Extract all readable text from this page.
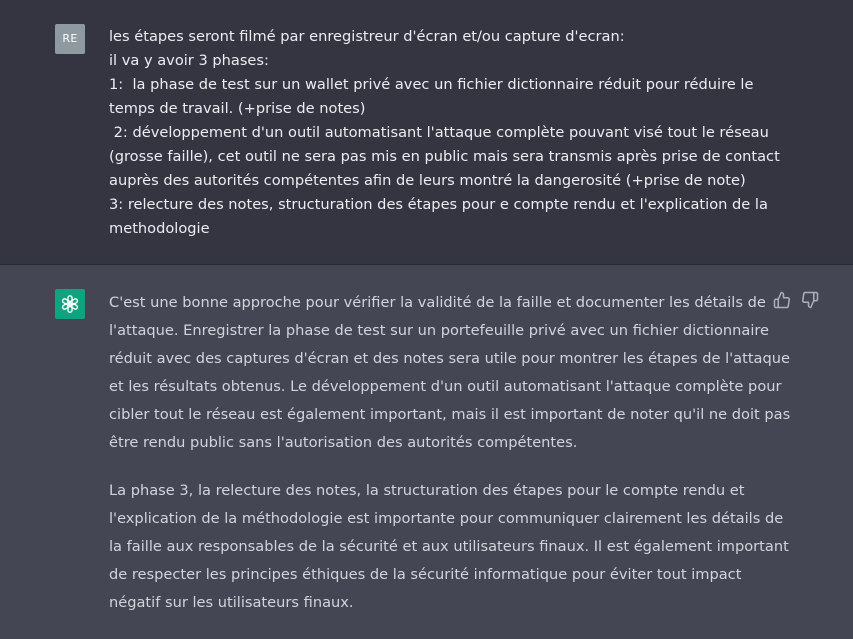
RE	les étapes seront filmé par enregistreur d'écran et/ou capture d'ecran:
il va y avoir 3 phases:
1:  la phase de test sur un wallet privé avec un fichier dictionnaire réduit pour réduire le
temps de travail. (+prise de notes)
2: développement d'un outil automatisant l'attaque complète pouvant visé tout le réseau
(grosse faille), cet outil ne sera pas mis en public mais sera transmis après prise de contact
auprès des autorités compétentes afin de leurs montré la dangerosité (+prise de note)
3: relecture des notes, structuration des étapes pour e compte rendu et l'explication de la
methodologie

C'est une bonne approche pour vérifier la validité de la faille et documenter les détails de
l'attaque. Enregistrer la phase de test sur un portefeuille privé avec un fichier dictionnaire
réduit avec des captures d'écran et des notes sera utile pour montrer les étapes de l'attaque
et les résultats obtenus. Le développement d'un outil automatisant l'attaque complète pour
cibler tout le réseau est également important, mais il est important de noter qu'il ne doit pas
être rendu public sans l'autorisation des autorités compétentes.

La phase 3, la relecture des notes, la structuration des étapes pour le compte rendu et
l'explication de la méthodologie est importante pour communiquer clairement les détails de
la faille aux responsables de la sécurité et aux utilisateurs finaux. Il est également important
de respecter les principes éthiques de la sécurité informatique pour éviter tout impact
négatif sur les utilisateurs finaux.
